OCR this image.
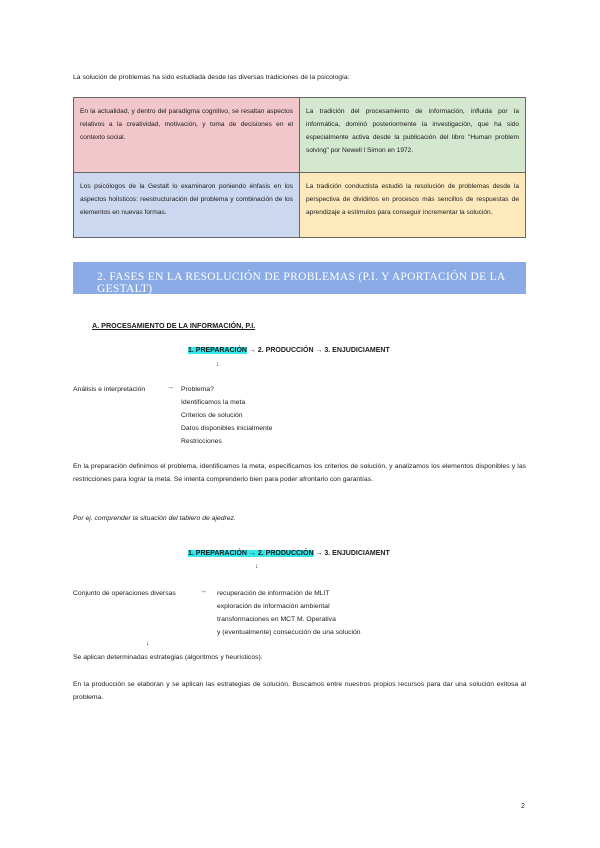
La solución de problemas ha sido estudiada desde las diversas tradiciones de la psicología:
En la actualidad, y dentro del paradigma cognitivo, se resaltan aspectos relativos a la creatividad, motivación, y toma de decisiones en el contexto social.
La tradición del procesamiento de información, influida por la informática, dominó posteriormente la investigación, que ha sido especialmente activa desde la publicación del libro "Human problem solving" por Newell l Simon en 1972.
Los psicólogos de la Gestalt lo examinaron poniendo énfasis en los aspectos holísticos: reestructuración del problema y combinación de los elementos en nuevas formas.
La tradición conductista estudió la resolución de problemas desde la perspectiva de dividirlos en procesos más sencillos de respuestas de aprendizaje a estímulos para conseguir incrementar la solución.
2. FASES EN LA RESOLUCIÓN DE PROBLEMAS (P.I. Y APORTACIÓN DE LA GESTALT)
A. PROCESAMIENTO DE LA INFORMACIÓN, P.I.
1. PREPARACIÓN → 2. PRODUCCIÓN → 3. ENJUDICIAMENT
↓
Análisis e interpretación	→ Problema?
Identificamos la meta
Criterios de solución
Datos disponibles inicialmente
Restricciones
En la preparación definimos el problema, identificamos la meta, especificamos los criterios de solución, y analizamos los elementos disponibles y las restricciones para lograr la meta. Se intenta comprenderlo bien para poder afrontarlo con garantías.
Por ej. comprender la situación del tablero de ajedrez.
1. PREPARACIÓN → 2. PRODUCCIÓN → 3. ENJUDICIAMENT
↓
Conjunto de operaciones diversas	→ recuperación de información de MLIT
exploración de información ambiental
transformaciones en MCT M. Operativa
y (eventualmente) consecución de una solución
↓
Se aplican determinadas estrategias (algoritmos y heurísticos).
En la producción se elaboran y se aplican las estrategias de solución. Buscamos entre nuestros propios recursos para dar una solución exitosa al problema.
2
